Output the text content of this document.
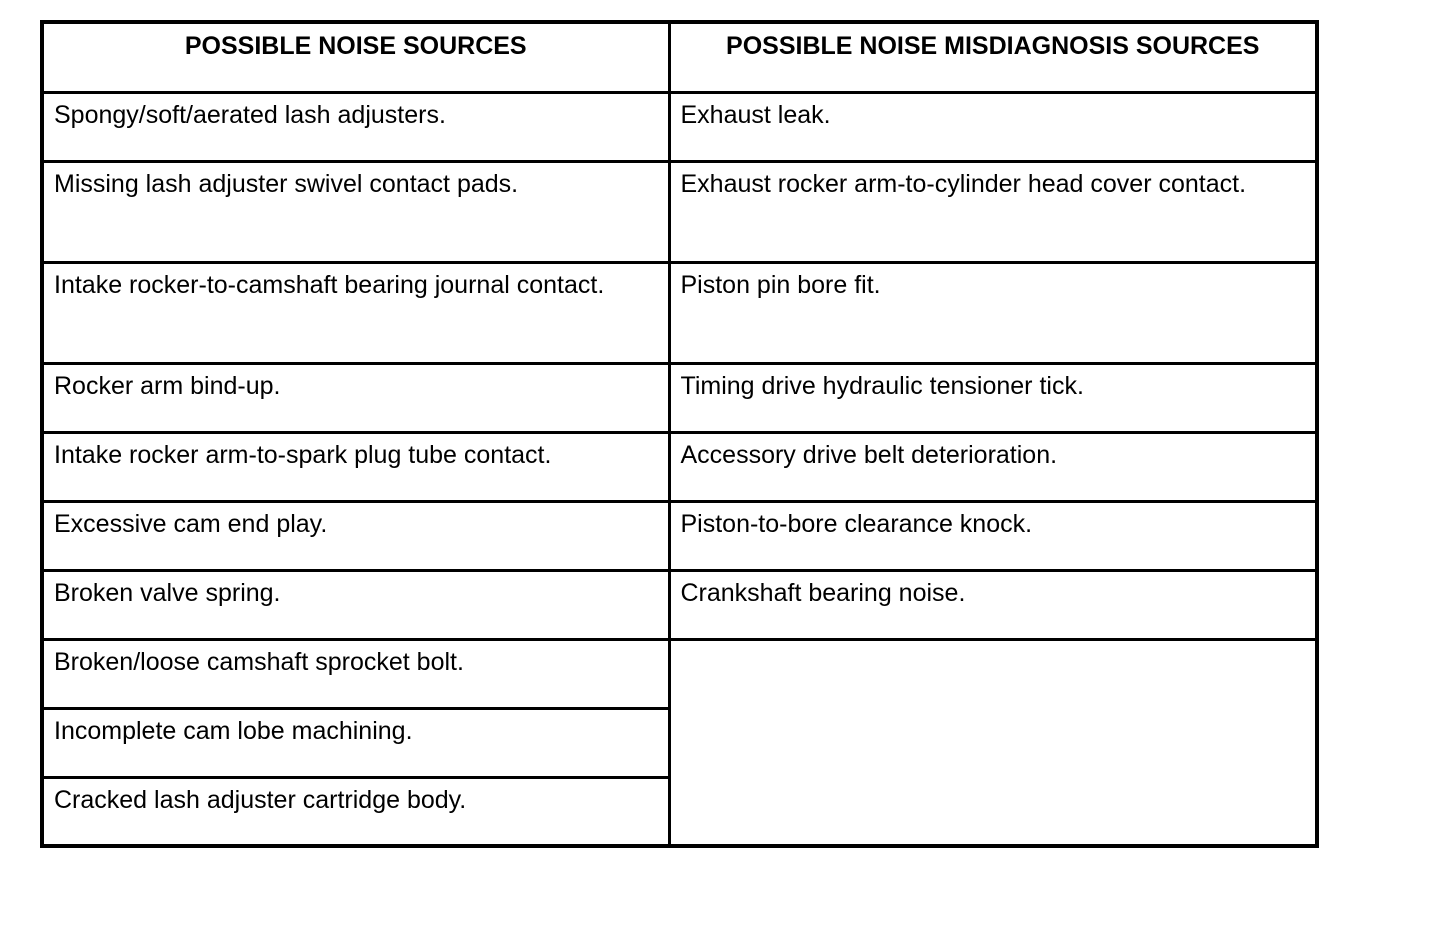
POSSIBLE NOISE SOURCES	POSSIBLE NOISE MISDIAGNOSIS SOURCES
Spongy/soft/aerated lash adjusters.	Exhaust leak.
Missing lash adjuster swivel contact pads.	Exhaust rocker arm-to-cylinder head cover contact.
Intake rocker-to-camshaft bearing journal contact.	Piston pin bore fit.
Rocker arm bind-up.	Timing drive hydraulic tensioner tick.
Intake rocker arm-to-spark plug tube contact.	Accessory drive belt deterioration.
Excessive cam end play.	Piston-to-bore clearance knock.
Broken valve spring.	Crankshaft bearing noise.
Broken/loose camshaft sprocket bolt.	
Incomplete cam lobe machining.	
Cracked lash adjuster cartridge body.	
